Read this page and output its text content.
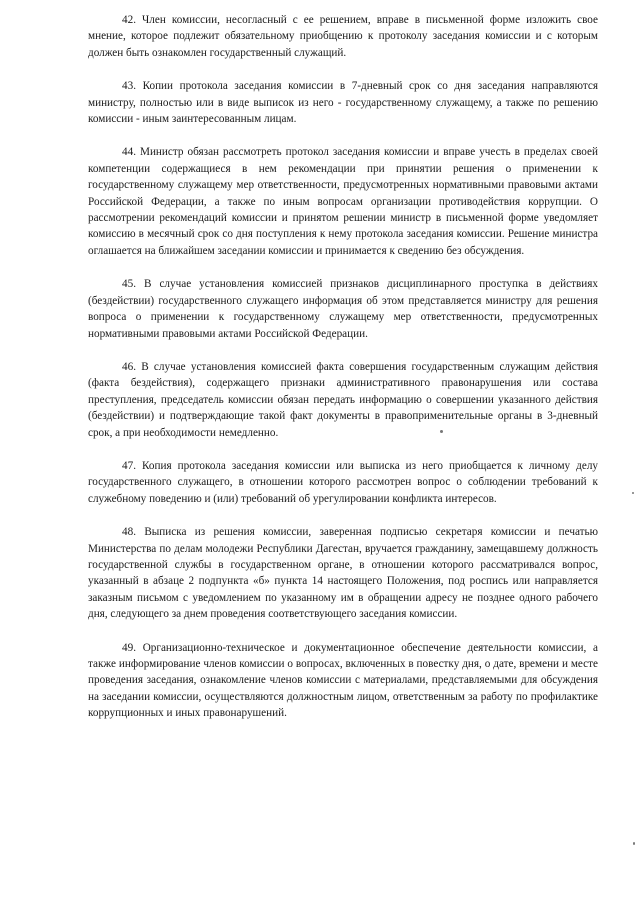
42. Член комиссии, несогласный с ее решением, вправе в письменной форме изложить свое мнение, которое подлежит обязательному приобщению к протоколу заседания комиссии и с которым должен быть ознакомлен государственный служащий.

43. Копии протокола заседания комиссии в 7-дневный срок со дня заседания направляются министру, полностью или в виде выписок из него - государственному служащему, а также по решению комиссии - иным заинтересованным лицам.

44. Министр обязан рассмотреть протокол заседания комиссии и вправе учесть в пределах своей компетенции содержащиеся в нем рекомендации при принятии решения о применении к государственному служащему мер ответственности, предусмотренных нормативными правовыми актами Российской Федерации, а также по иным вопросам организации противодействия коррупции. О рассмотрении рекомендаций комиссии и принятом решении министр в письменной форме уведомляет комиссию в месячный срок со дня поступления к нему протокола заседания комиссии. Решение министра оглашается на ближайшем заседании комиссии и принимается к сведению без обсуждения.

45. В случае установления комиссией признаков дисциплинарного проступка в действиях (бездействии) государственного служащего информация об этом представляется министру для решения вопроса о применении к государственному служащему мер ответственности, предусмотренных нормативными правовыми актами Российской Федерации.

46. В случае установления комиссией факта совершения государственным служащим действия (факта бездействия), содержащего признаки административного правонарушения или состава преступления, председатель комиссии обязан передать информацию о совершении указанного действия (бездействии) и подтверждающие такой факт документы в правоприменительные органы в 3-дневный срок, а при необходимости немедленно.

47. Копия протокола заседания комиссии или выписка из него приобщается к личному делу государственного служащего, в отношении которого рассмотрен вопрос о соблюдении требований к служебному поведению и (или) требований об урегулировании конфликта интересов.

48. Выписка из решения комиссии, заверенная подписью секретаря комиссии и печатью Министерства по делам молодежи Республики Дагестан, вручается гражданину, замещавшему должность государственной службы в государственном органе, в отношении которого рассматривался вопрос, указанный в абзаце 2 подпункта «б» пункта 14 настоящего Положения, под роспись или направляется заказным письмом с уведомлением по указанному им в обращении адресу не позднее одного рабочего дня, следующего за днем проведения соответствующего заседания комиссии.

49. Организационно-техническое и документационное обеспечение деятельности комиссии, а также информирование членов комиссии о вопросах, включенных в повестку дня, о дате, времени и месте проведения заседания, ознакомление членов комиссии с материалами, представляемыми для обсуждения на заседании комиссии, осуществляются должностным лицом, ответственным за работу по профилактике коррупционных и иных правонарушений.
